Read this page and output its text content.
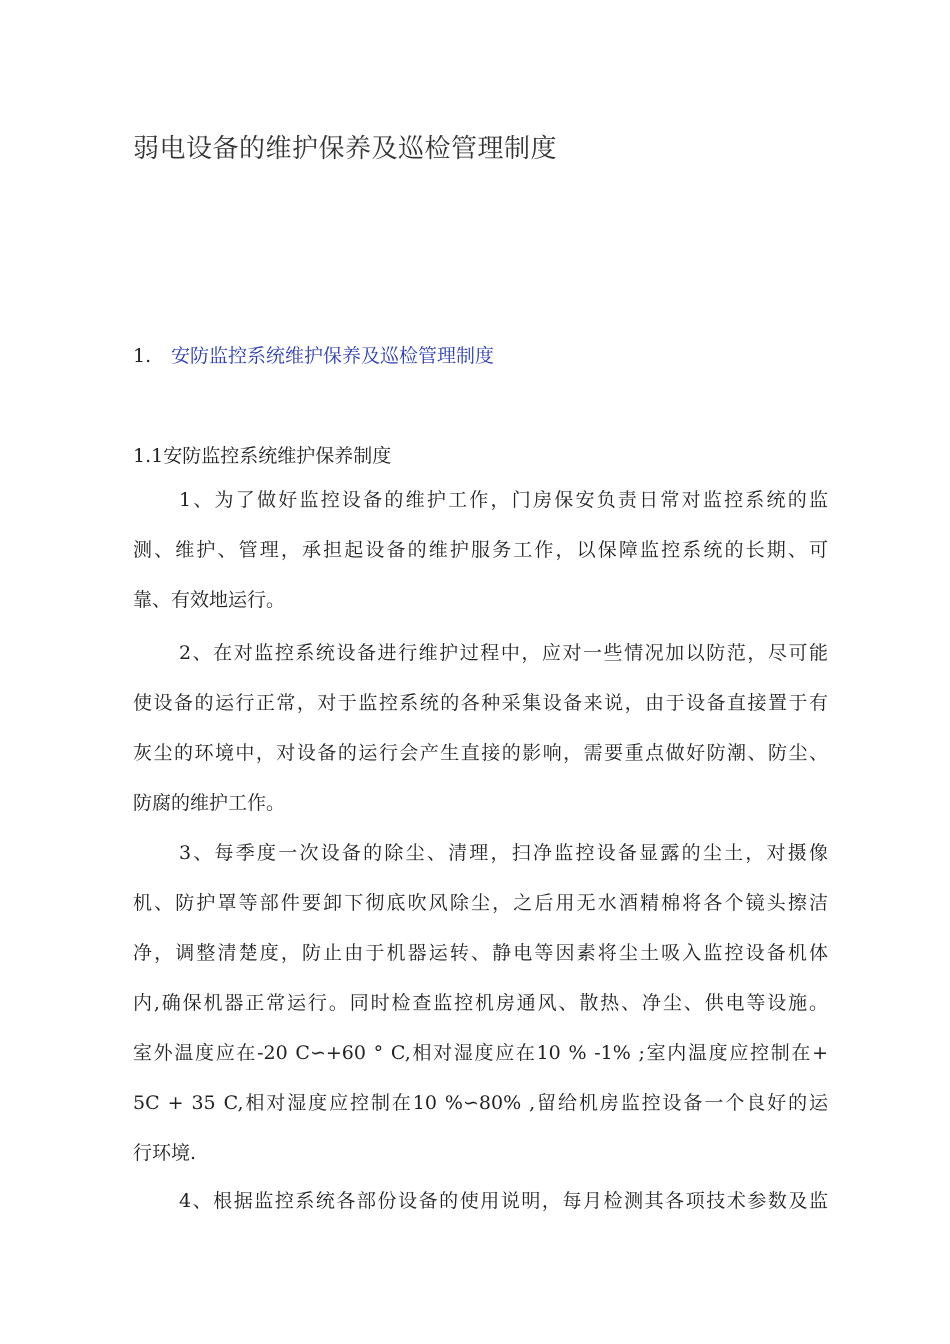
弱电设备的维护保养及巡检管理制度
1. 安防监控系统维护保养及巡检管理制度
1.1安防监控系统维护保养制度
1、为了做好监控设备的维护工作，门房保安负责日常对监控系统的监
测、维护、管理，承担起设备的维护服务工作，以保障监控系统的长期、可
靠、有效地运行。
2、在对监控系统设备进行维护过程中，应对一些情况加以防范，尽可能
使设备的运行正常，对于监控系统的各种采集设备来说，由于设备直接置于有
灰尘的环境中，对设备的运行会产生直接的影响，需要重点做好防潮、防尘、
防腐的维护工作。
3、每季度一次设备的除尘、清理，扫净监控设备显露的尘土，对摄像
机、防护罩等部件要卸下彻底吹风除尘，之后用无水酒精棉将各个镜头擦洁
净，调整清楚度，防止由于机器运转、静电等因素将尘土吸入监控设备机体
内,确保机器正常运行。同时检查监控机房通风、散热、净尘、供电等设施。
室外温度应在-20 C∽+60 ° C,相对湿度应在10 % -1% ;室内温度应控制在+
5C + 35 C,相对湿度应控制在10 %∽80% ,留给机房监控设备一个良好的运
行环境.
4、根据监控系统各部份设备的使用说明，每月检测其各项技术参数及监
